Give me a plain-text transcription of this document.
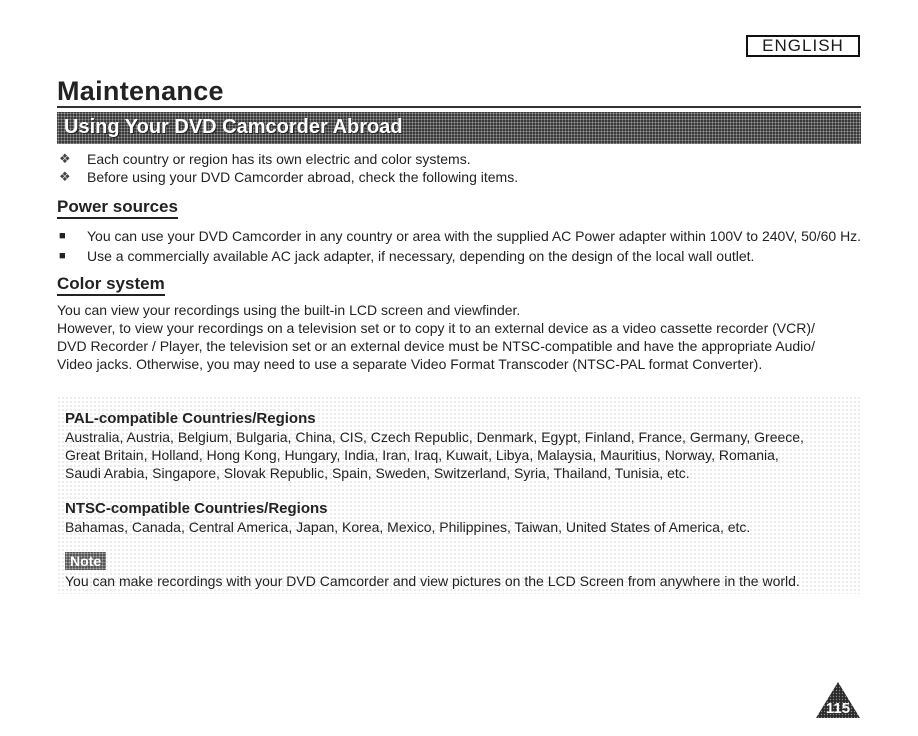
ENGLISH
Maintenance
Using Your DVD Camcorder Abroad
❖ Each country or region has its own electric and color systems.
❖ Before using your DVD Camcorder abroad, check the following items.
Power sources
■ You can use your DVD Camcorder in any country or area with the supplied AC Power adapter within 100V to 240V, 50/60 Hz.
■ Use a commercially available AC jack adapter, if necessary, depending on the design of the local wall outlet.
Color system

You can view your recordings using the built-in LCD screen and viewfinder.

However, to view your recordings on a television set or to copy it to an external device as a video cassette recorder (VCR)/

DVD Recorder / Player, the television set or an external device must be NTSC-compatible and have the appropriate Audio/

Video jacks. Otherwise, you may need to use a separate Video Format Transcoder (NTSC-PAL format Converter).

PAL-compatible Countries/Regions
Australia, Austria, Belgium, Bulgaria, China, CIS, Czech Republic, Denmark, Egypt, Finland, France, Germany, Greece,
Great Britain, Holland, Hong Kong, Hungary, India, Iran, Iraq, Kuwait, Libya, Malaysia, Mauritius, Norway, Romania,
Saudi Arabia, Singapore, Slovak Republic, Spain, Sweden, Switzerland, Syria, Thailand, Tunisia, etc.
NTSC-compatible Countries/Regions
Bahamas, Canada, Central America, Japan, Korea, Mexico, Philippines, Taiwan, United States of America, etc.
Note
You can make recordings with your DVD Camcorder and view pictures on the LCD Screen from anywhere in the world.
115
